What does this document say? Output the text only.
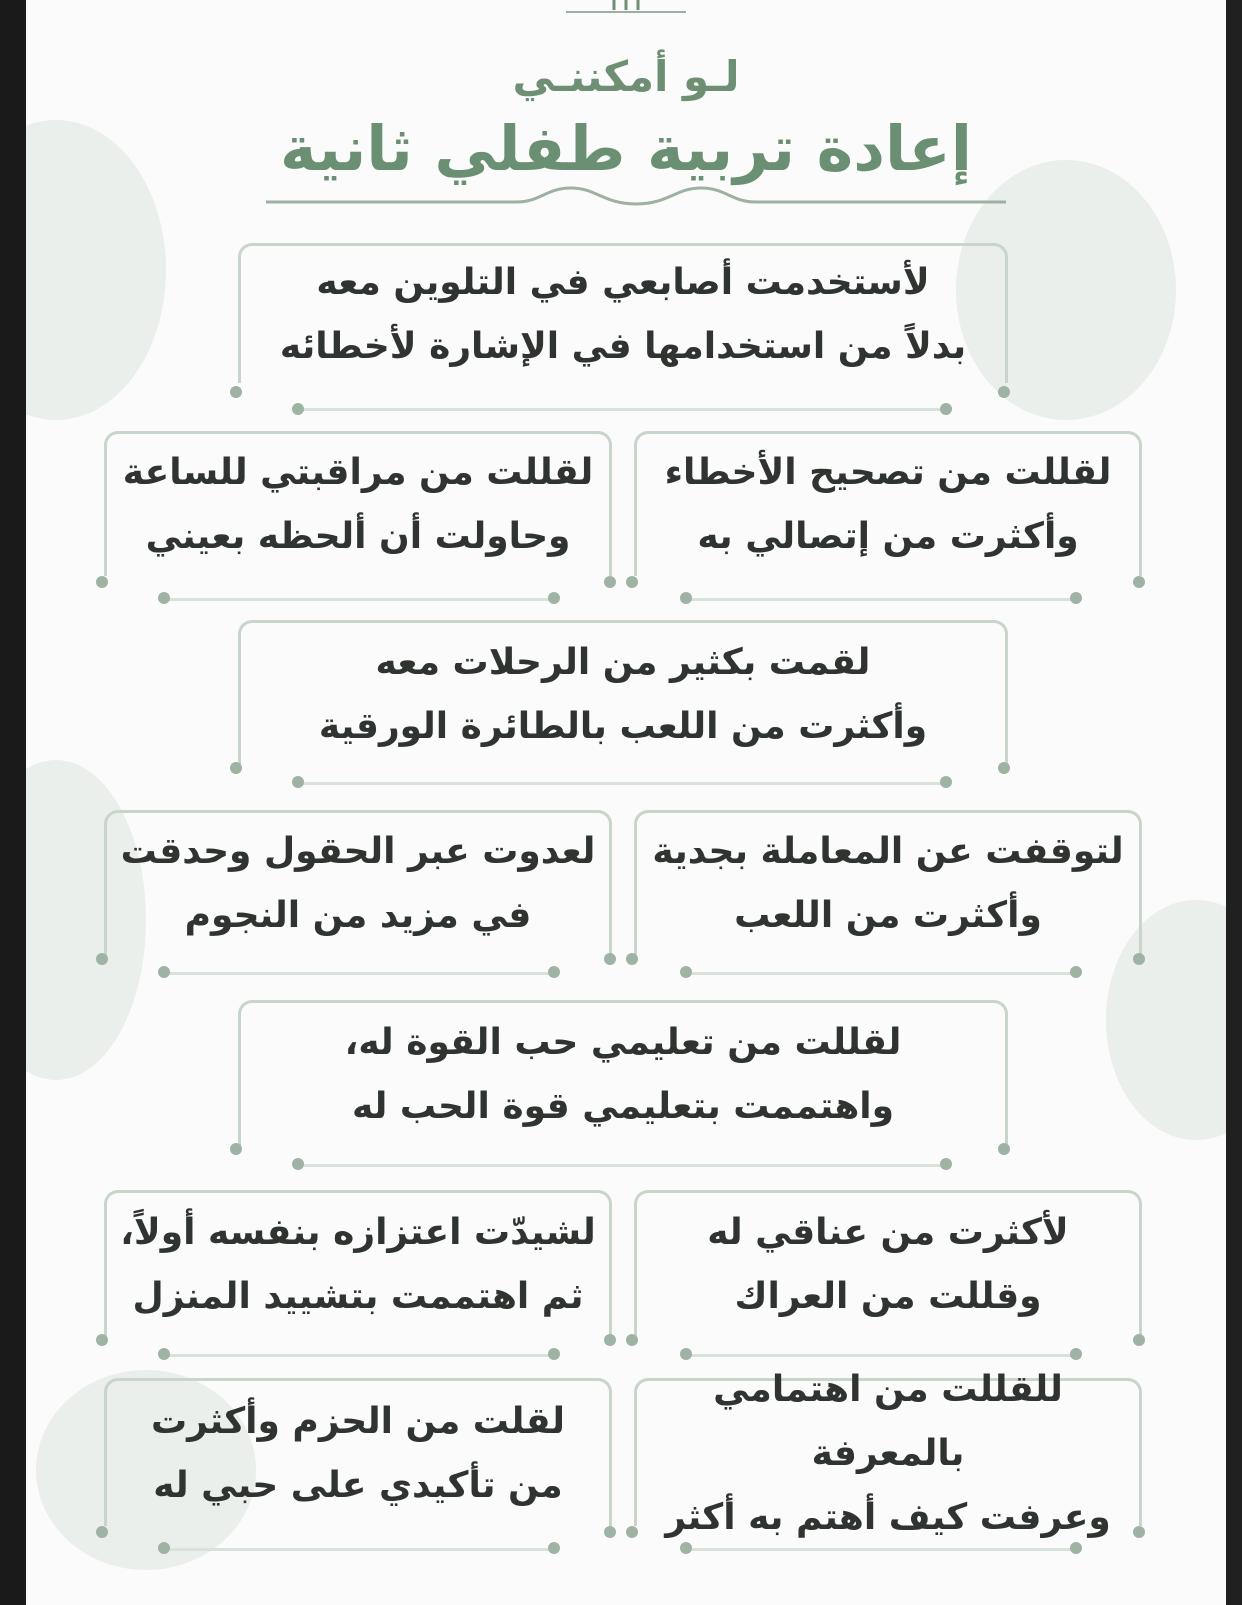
لـو أمكننـي
إعادة تربية طفلي ثانية
لأستخدمت أصابعي في التلوين معه
بدلاً من استخدامها في الإشارة لأخطائه
لقللت من تصحيح الأخطاء
وأكثرت من إتصالي به
لقللت من مراقبتي للساعة
وحاولت أن ألحظه بعيني
لقمت بكثير من الرحلات معه
وأكثرت من اللعب بالطائرة الورقية
لتوقفت عن المعاملة بجدية
وأكثرت من اللعب
لعدوت عبر الحقول وحدقت
في مزيد من النجوم
لقللت من تعليمي حب القوة له،
واهتممت بتعليمي قوة الحب له
لأكثرت من عناقي له
وقللت من العراك
لشيدّت اعتزازه بنفسه أولاً،
ثم اهتممت بتشييد المنزل
للقللت من اهتمامي بالمعرفة
وعرفت كيف أهتم به أكثر
لقلت من الحزم وأكثرت
من تأكيدي على حبي له
